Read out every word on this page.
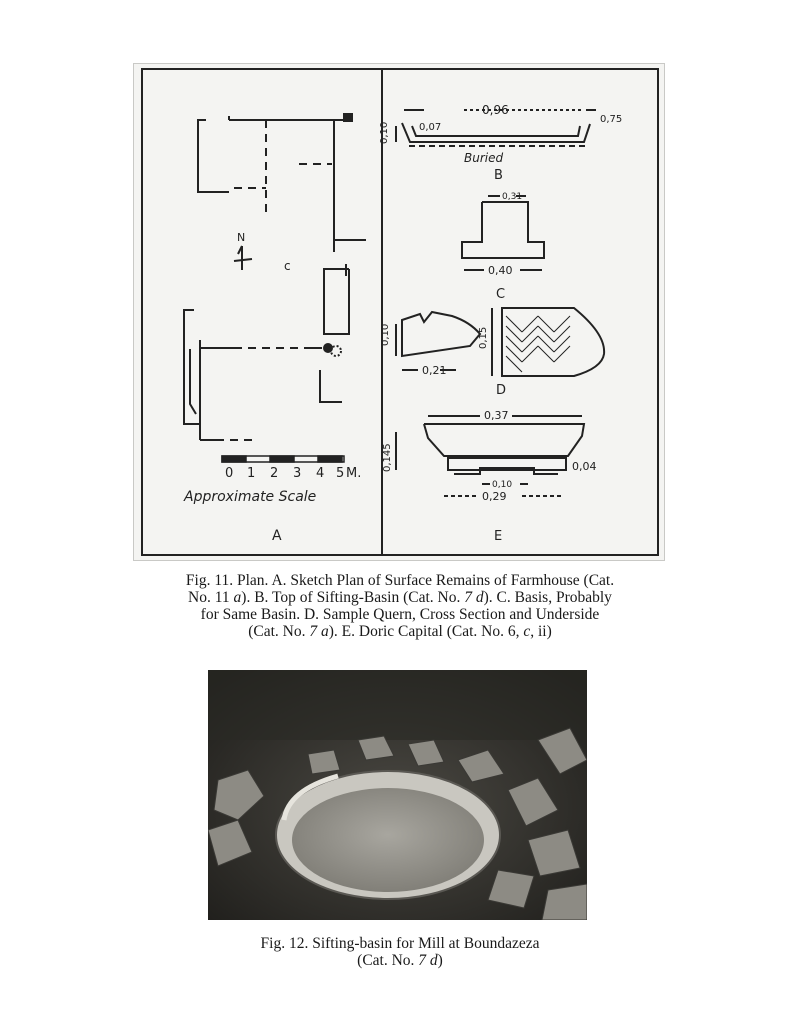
N
c
0 1 2 3 4 5 M.
Approximate Scale
A
0,96
0,10	0,07
0,75
Buried
B
0,31
0,40
C
0,10
0,21
0,15
D
0,37
0,145	0,04
0,10
0,29
E

Fig. 11. Plan. A. Sketch Plan of Surface Remains of Farmhouse (Cat.
No. 11 a). B. Top of Sifting-Basin (Cat. No. 7 d). C. Basis, Probably
for Same Basin. D. Sample Quern, Cross Section and Underside
(Cat. No. 7 a). E. Doric Capital (Cat. No. 6, c, ii)

Fig. 12. Sifting-basin for Mill at Boundazeza
(Cat. No. 7 d)
